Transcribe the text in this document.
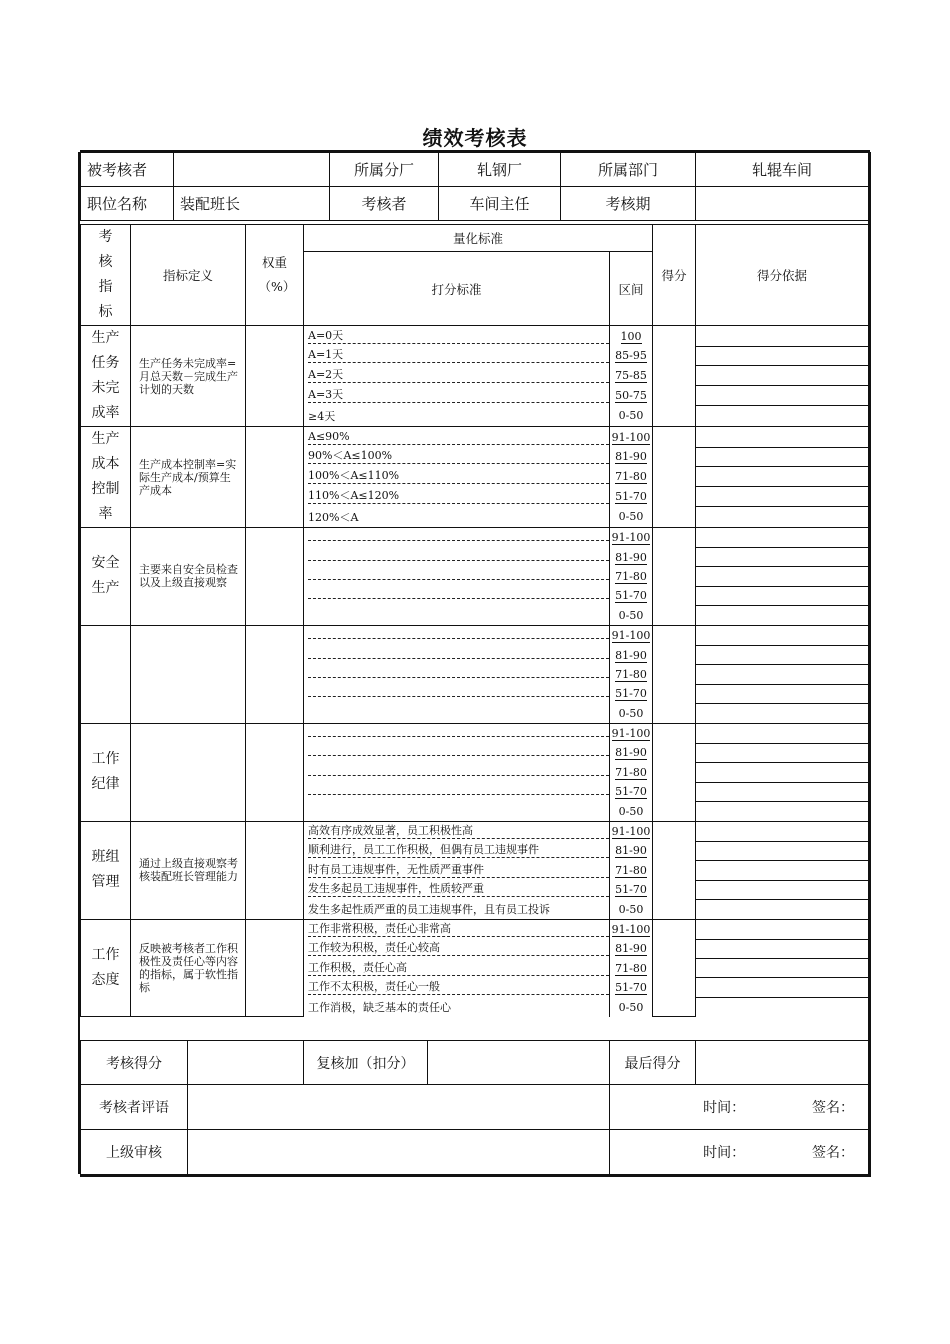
绩效考核表
被考核者		所属分厂	轧钢厂	所属部门	轧辊车间
职位名称	装配班长	考核者	车间主任	考核期	
考核指标	指标定义	权重（%）	量化标准		得分	得分依据
			打分标准	区间		

生产任务未完成率	生产任务未完成率=月总天数－完成生产计划的天数		A=0天	100		

			A=1天	85-95		

			A=2天	75-85		

			A=3天	50-75		

			≥4天	0-50		

生产成本控制率	生产成本控制率=实际生产成本/预算生产成本		A≤90%	91-100		

			90%＜A≤100%	81-90		

			100%＜A≤110%	71-80		

			110%＜A≤120%	51-70		

			120%＜A	0-50		

安全生产	主要来自安全员检查以及上级直接观察			91-100		

				81-90		

				71-80		

				51-70		

				0-50		

				91-100		

				81-90		

				71-80		

				51-70		

				0-50		

工作纪律				91-100		

				81-90		

				71-80		

				51-70		

				0-50		

班组管理	通过上级直接观察考核装配班长管理能力		高效有序成效显著，员工积极性高	91-100		

			顺利进行，员工工作积极，但偶有员工违规事件	81-90		

			时有员工违规事件，无性质严重事件	71-80		

			发生多起员工违规事件，性质较严重	51-70		

			发生多起性质严重的员工违规事件，且有员工投诉	0-50		

工作态度	反映被考核者工作积极性及责任心等内容的指标，属于软性指标		工作非常积极，责任心非常高	91-100		

			工作较为积极，责任心较高	81-90		

			工作积极，责任心高	71-80		

			工作不太积极，责任心一般	51-70		

			工作消极，缺乏基本的责任心	0-50		
考核得分		复核加（扣分）		最后得分	
考核者评语				时间： 签名：	
上级审核				时间： 签名：	
